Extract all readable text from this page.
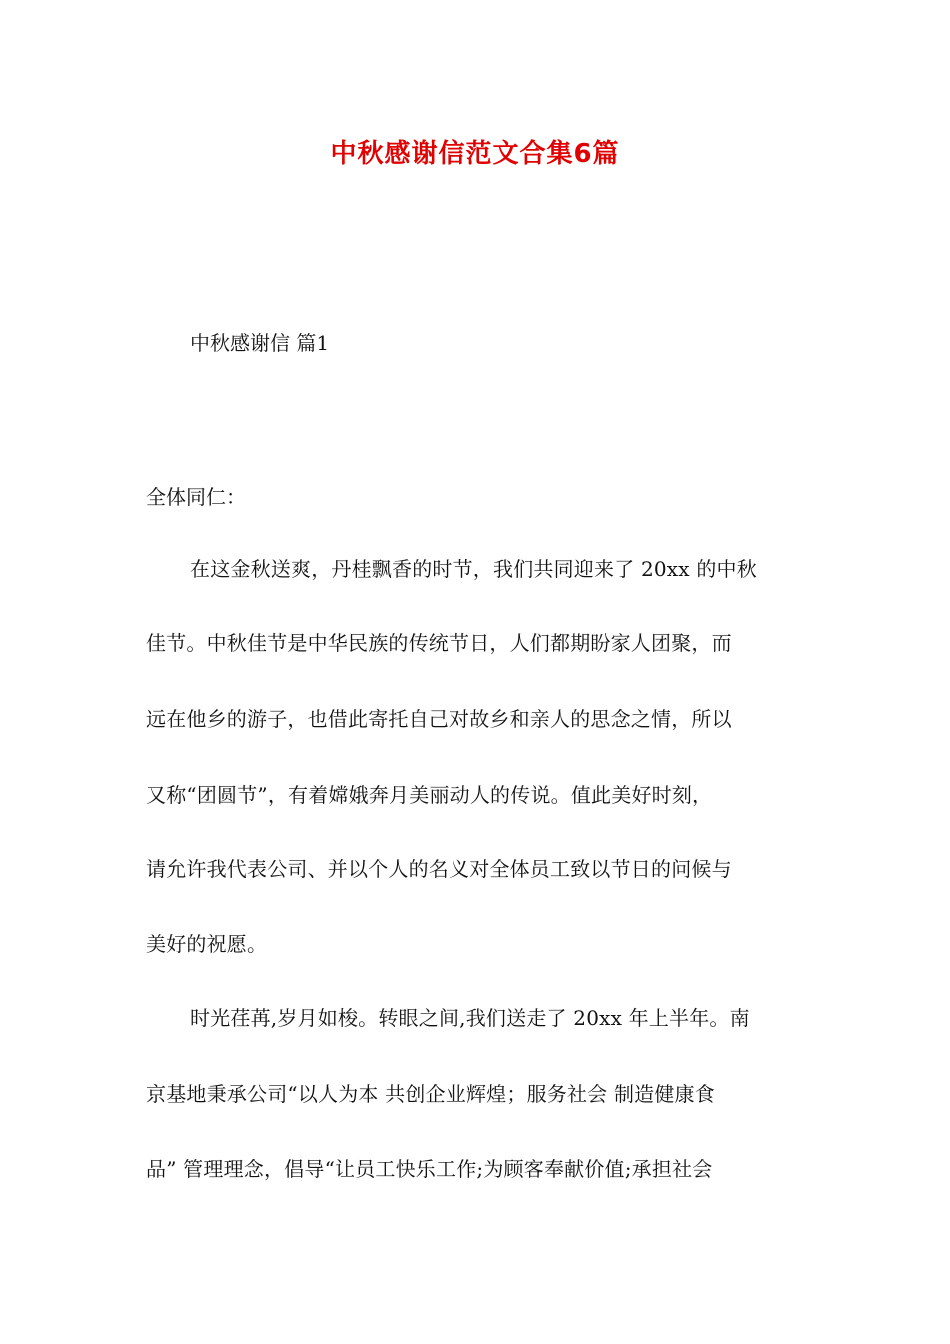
中秋感谢信范文合集6篇
中秋感谢信 篇1
全体同仁：
在这金秋送爽，丹桂飘香的时节，我们共同迎来了 20xx 的中秋
佳节。中秋佳节是中华民族的传统节日，人们都期盼家人团聚，而
远在他乡的游子，也借此寄托自己对故乡和亲人的思念之情，所以
又称“团圆节”，有着嫦娥奔月美丽动人的传说。值此美好时刻，
请允许我代表公司、并以个人的名义对全体员工致以节日的问候与
美好的祝愿。
时光荏苒,岁月如梭。转眼之间,我们送走了 20xx 年上半年。南
京基地秉承公司“以人为本 共创企业辉煌；服务社会 制造健康食
品” 管理理念，倡导“让员工快乐工作;为顾客奉献价值;承担社会
